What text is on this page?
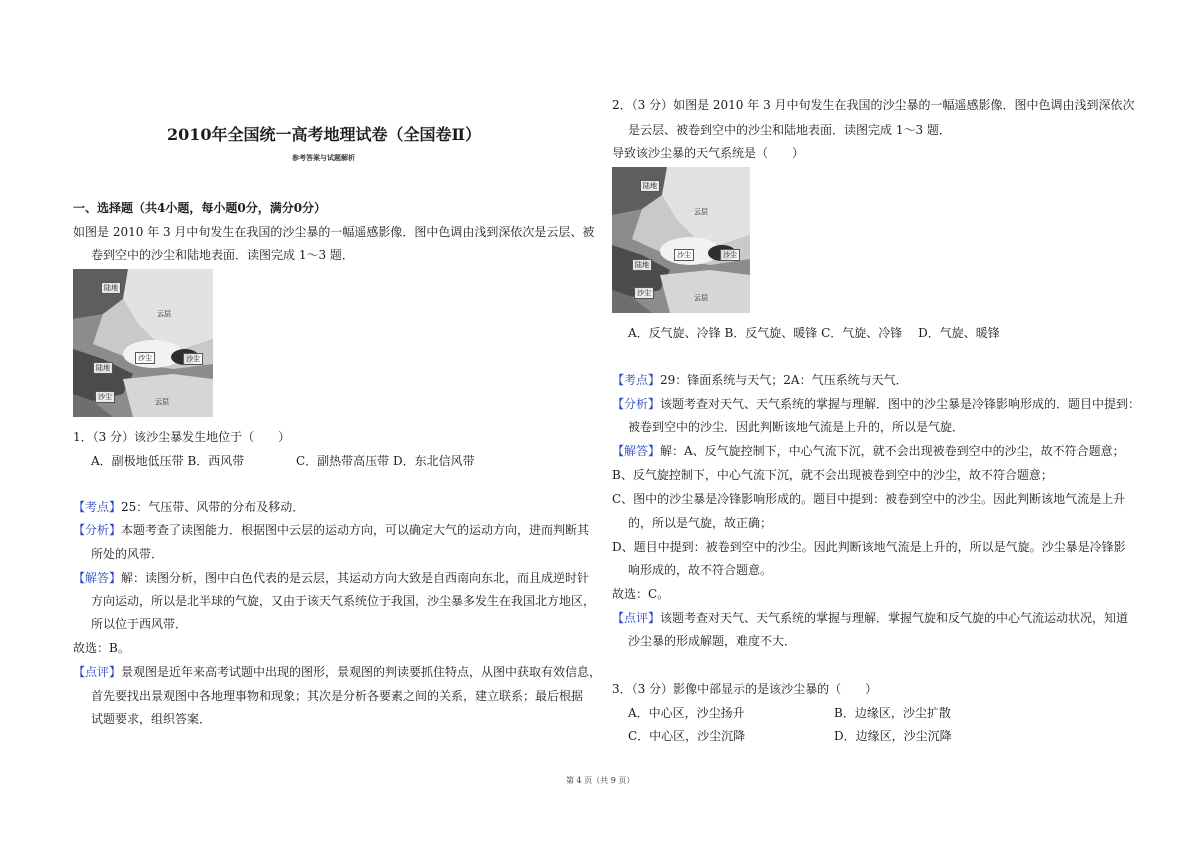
2010年全国统一高考地理试卷（全国卷Ⅱ）
参考答案与试题解析
一、选择题（共4小题，每小题0分，满分0分）
如图是 2010 年 3 月中旬发生在我国的沙尘暴的一幅遥感影像．图中色调由浅到深依次是云层、被
卷到空中的沙尘和陆地表面．读图完成 1～3 题．
陆地
云层
沙尘	沙尘
陆地
沙尘
云层
1．（3 分）该沙尘暴发生地位于（　　）
A．副极地低压带 B．西风带	C．副热带高压带 D．东北信风带
【考点】25：气压带、风带的分布及移动．
【分析】本题考查了读图能力．根据图中云层的运动方向，可以确定大气的运动方向，进而判断其
所处的风带．
【解答】解：读图分析，图中白色代表的是云层，其运动方向大致是自西南向东北，而且成逆时针
方向运动，所以是北半球的气旋，又由于该天气系统位于我国，沙尘暴多发生在我国北方地区，
所以位于西风带．
故选：B。
【点评】景观图是近年来高考试题中出现的图形，景观图的判读要抓住特点，从图中获取有效信息，
首先要找出景观图中各地理事物和现象；其次是分析各要素之间的关系，建立联系；最后根据
试题要求，组织答案．
2．（3 分）如图是 2010 年 3 月中旬发生在我国的沙尘暴的一幅遥感影像．图中色调由浅到深依次
是云层、被卷到空中的沙尘和陆地表面．读图完成 1～3 题．
导致该沙尘暴的天气系统是（　　）
陆地
云层
沙尘	沙尘
陆地
沙尘
云层
A．反气旋、冷锋 B．反气旋、暖锋 C．气旋、冷锋　 D．气旋、暖锋
【考点】29：锋面系统与天气；2A：气压系统与天气．
【分析】该题考查对天气、天气系统的掌握与理解．图中的沙尘暴是冷锋影响形成的．题目中提到：
被卷到空中的沙尘．因此判断该地气流是上升的，所以是气旋．
【解答】解：A、反气旋控制下，中心气流下沉，就不会出现被卷到空中的沙尘，故不符合题意；
B、反气旋控制下，中心气流下沉，就不会出现被卷到空中的沙尘，故不符合题意；
C、图中的沙尘暴是冷锋影响形成的。题目中提到：被卷到空中的沙尘。因此判断该地气流是上升
的，所以是气旋，故正确；
D、题目中提到：被卷到空中的沙尘。因此判断该地气流是上升的，所以是气旋。沙尘暴是冷锋影
响形成的，故不符合题意。
故选：C。
【点评】该题考查对天气、天气系统的掌握与理解．掌握气旋和反气旋的中心气流运动状况，知道
沙尘暴的形成解题，难度不大．
3．（3 分）影像中部显示的是该沙尘暴的（　　）
A．中心区，沙尘扬升	B．边缘区，沙尘扩散
C．中心区，沙尘沉降	D．边缘区，沙尘沉降
第 4 页（共 9 页）
